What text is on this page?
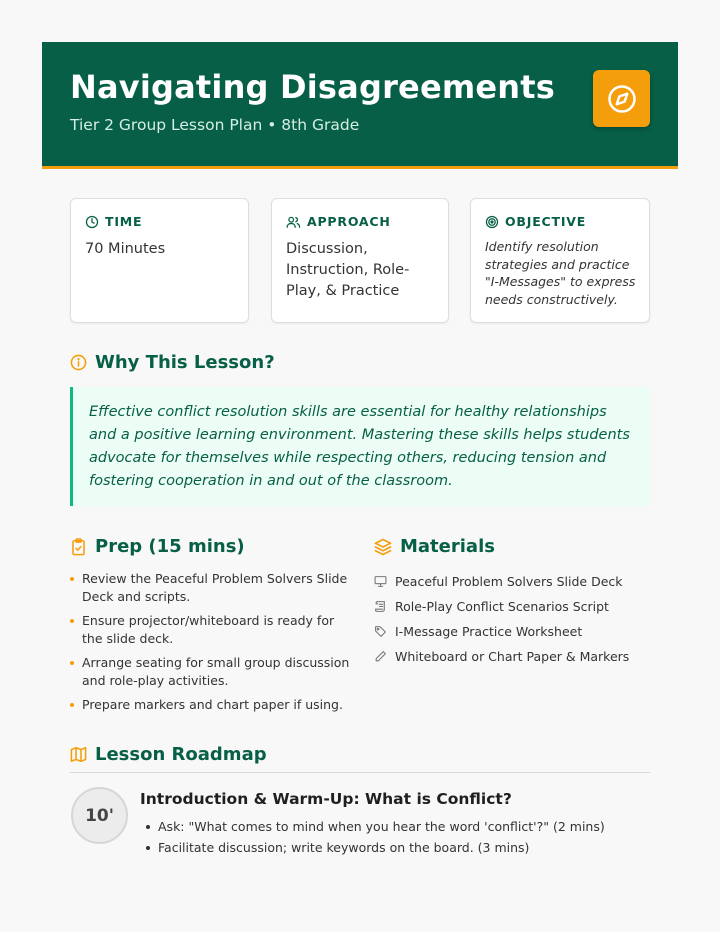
Navigating Disagreements
Tier 2 Group Lesson Plan • 8th Grade
TIME
70 Minutes
APPROACH
Discussion, Instruction, Role-Play, & Practice
OBJECTIVE
Identify resolution strategies and practice "I-Messages" to express needs constructively.
Why This Lesson?
Effective conflict resolution skills are essential for healthy relationships and a positive learning environment. Mastering these skills helps students advocate for themselves while respecting others, reducing tension and fostering cooperation in and out of the classroom.
Prep (15 mins)
Review the Peaceful Problem Solvers Slide Deck and scripts.
Ensure projector/whiteboard is ready for the slide deck.
Arrange seating for small group discussion and role-play activities.
Prepare markers and chart paper if using.
Materials
Peaceful Problem Solvers Slide Deck
Role-Play Conflict Scenarios Script
I-Message Practice Worksheet
Whiteboard or Chart Paper & Markers
Lesson Roadmap
10'
Introduction & Warm-Up: What is Conflict?
Ask: "What comes to mind when you hear the word 'conflict'?" (2 mins)
Facilitate discussion; write keywords on the board. (3 mins)
